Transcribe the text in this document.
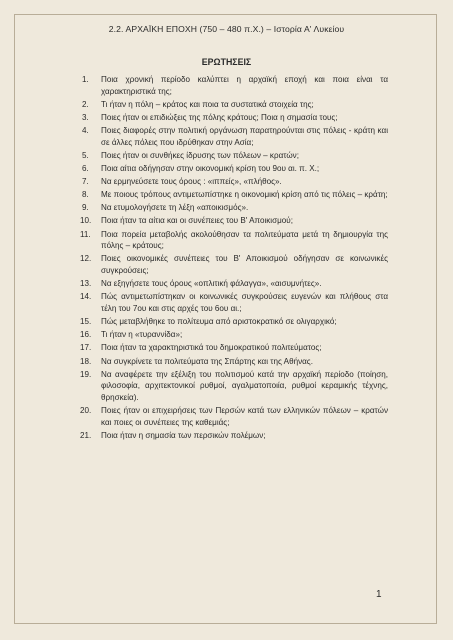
2.2. ΑΡΧΑΪΚΗ ΕΠΟΧΗ (750 – 480 π.Χ.) – Ιστορία Α' Λυκείου
ΕΡΩΤΗΣΕΙΣ
1.	Ποια χρονική περίοδο καλύπτει η αρχαϊκή εποχή και ποια είναι τα χαρακτηριστικά της;
2.	Τι ήταν η πόλη – κράτος και ποια τα συστατικά στοιχεία της;
3.	Ποιες ήταν οι επιδιώξεις της πόλης κράτους; Ποια η σημασία τους;
4.	Ποιες διαφορές στην πολιτική οργάνωση παρατηρούνται στις πόλεις - κράτη και σε άλλες πόλεις που ιδρύθηκαν στην Ασία;
5.	Ποιες ήταν οι συνθήκες ίδρυσης των πόλεων – κρατών;
6.	Ποια αίτια οδήγησαν στην οικονομική κρίση του 9ου αι. π. Χ.;
7.	Να ερμηνεύσετε τους όρους : «ιππείς», «πλήθος».
8.	Με ποιους τρόπους αντιμετωπίστηκε η οικονομική κρίση από τις πόλεις – κράτη;
9.	Να ετυμολογήσετε τη λέξη «αποικισμός».
10.	Ποια ήταν τα αίτια και οι συνέπειες του Β' Αποικισμού;
11.	Ποια πορεία μεταβολής ακολούθησαν τα πολιτεύματα μετά τη δημιουργία της πόλης – κράτους;
12.	Ποιες οικονομικές συνέπειες του Β' Αποικισμού οδήγησαν σε κοινωνικές συγκρούσεις;
13.	Να εξηγήσετε τους όρους «οπλιτική φάλαγγα», «αισυμνήτες».
14.	Πώς αντιμετωπίστηκαν οι κοινωνικές συγκρούσεις ευγενών και πλήθους στα τέλη του 7ου και στις αρχές του 6ου αι.;
15.	Πώς μεταβλήθηκε το πολίτευμα από αριστοκρατικό σε ολιγαρχικό;
16.	Τι ήταν η «τυραννίδα»;
17.	Ποια ήταν τα χαρακτηριστικά του δημοκρατικού πολιτεύματος;
18.	Να συγκρίνετε τα πολιτεύματα της Σπάρτης και της Αθήνας.
19.	Να αναφέρετε την εξέλιξη του πολιτισμού κατά την αρχαϊκή περίοδο (ποίηση, φιλοσοφία, αρχιτεκτονικοί ρυθμοί, αγαλματοποιία, ρυθμοί κεραμικής τέχνης, θρησκεία).
20.	Ποιες ήταν οι επιχειρήσεις των Περσών κατά των ελληνικών πόλεων – κρατών και ποιες οι συνέπειες της καθεμιάς;
21.	Ποια ήταν η σημασία των περσικών πολέμων;
1
